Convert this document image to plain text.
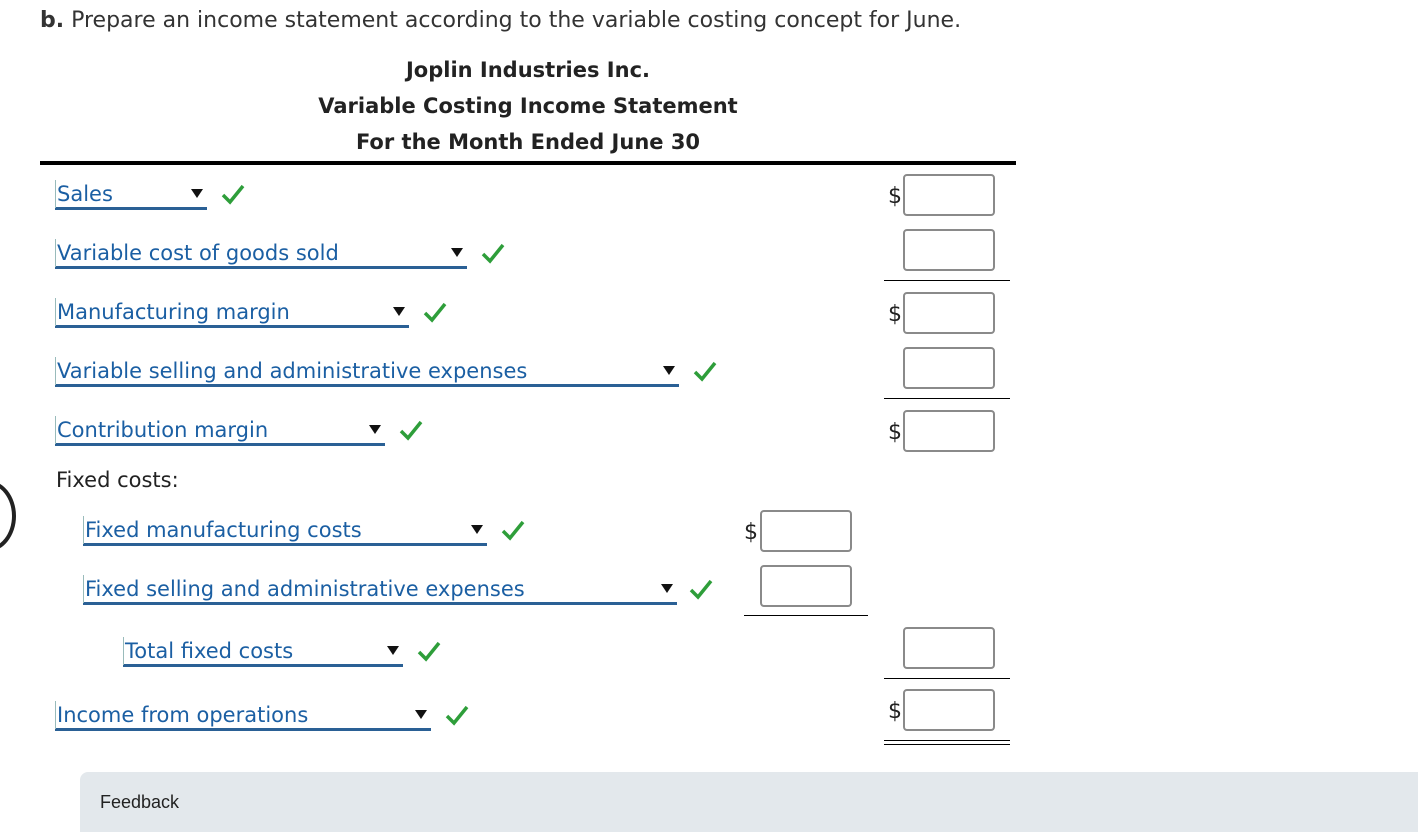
b. Prepare an income statement according to the variable costing concept for June.
Joplin Industries Inc.
Variable Costing Income Statement
For the Month Ended June 30
Sales	$
Variable cost of goods sold
Manufacturing margin	$
Variable selling and administrative expenses
Contribution margin	$
Fixed costs:
Fixed manufacturing costs	$
Fixed selling and administrative expenses
Total fixed costs
Income from operations	$
Feedback
